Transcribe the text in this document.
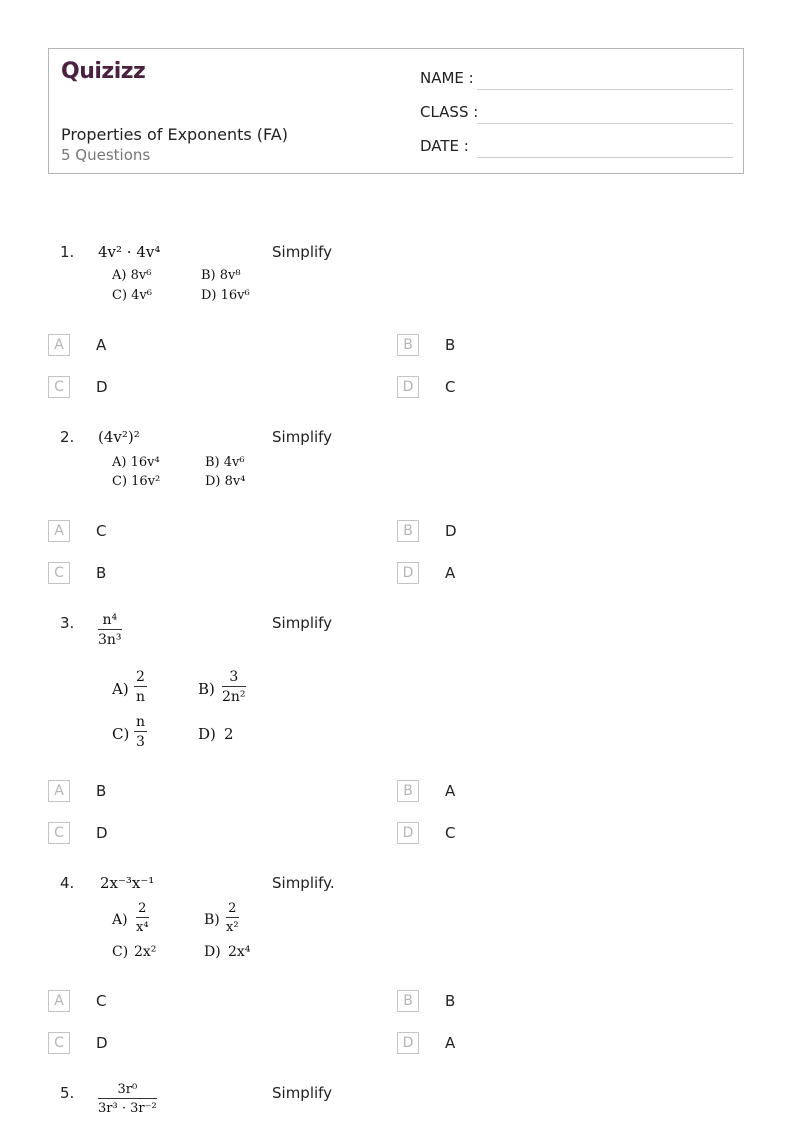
Quizizz
Properties of Exponents (FA)
5 Questions
NAME :
CLASS :
DATE :
1. 4v² · 4v⁴	Simplify
A) 8v⁶	B) 8v⁸
C) 4v⁶	D) 16v⁶
A	A	B	B
C	D	D	C
2. (4v²)²	Simplify
A) 16v⁴	B) 4v⁶
C) 16v²	D) 8v⁴
A	C	B	D
C	B	D	A
3. $\frac{\text{n⁴}}{\text{3n³}}$	Simplify
$A) \frac{2}{n}$	$B) \frac{3}{\text{2n²}}$
$C) \frac{n}{3}$	D) 2
A	B	B	A
C	D	D	C
4. 2x⁻³x⁻¹	Simplify.
$A) \frac{2}{\text{x⁴}}$	$B) \frac{2}{\text{x²}}$
C) 2x²	D) 2x⁴
A	C	B	B
C	D	D	A
5. $\frac{\text{3r⁰}}{\text{3r³ · 3r⁻²}}$	Simplify
